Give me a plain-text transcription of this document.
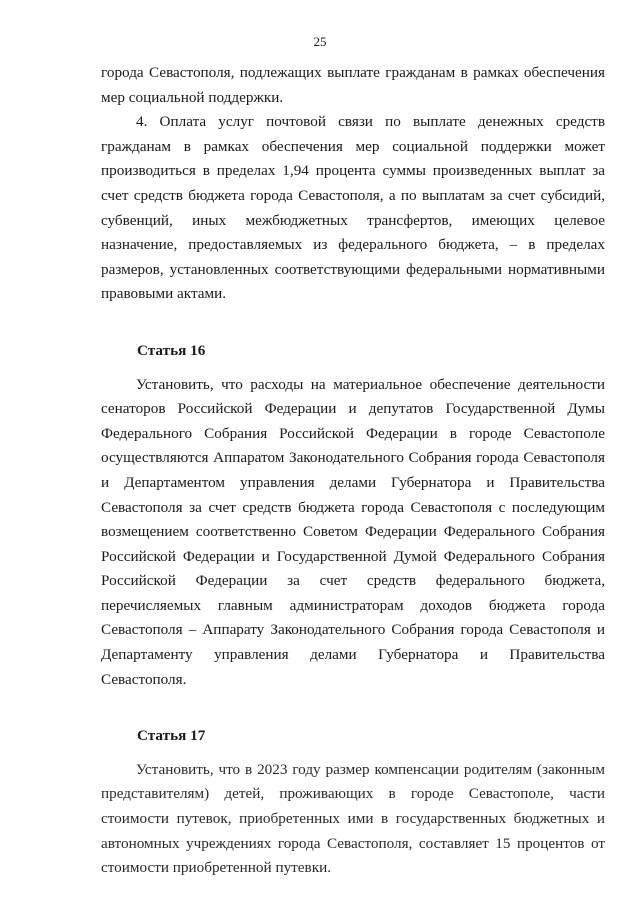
25

города Севастополя, подлежащих выплате гражданам в рамках обеспечения мер социальной поддержки.

4. Оплата услуг почтовой связи по выплате денежных средств гражданам в рамках обеспечения мер социальной поддержки может производиться в пределах 1,94 процента суммы произведенных выплат за счет средств бюджета города Севастополя, а по выплатам за счет субсидий, субвенций, иных межбюджетных трансфертов, имеющих целевое назначение, предоставляемых из федерального бюджета, – в пределах размеров, установленных соответствующими федеральными нормативными правовыми актами.

Статья 16

Установить, что расходы на материальное обеспечение деятельности сенаторов Российской Федерации и депутатов Государственной Думы Федерального Собрания Российской Федерации в городе Севастополе осуществляются Аппаратом Законодательного Собрания города Севастополя и Департаментом управления делами Губернатора и Правительства Севастополя за счет средств бюджета города Севастополя с последующим возмещением соответственно Советом Федерации Федерального Собрания Российской Федерации и Государственной Думой Федерального Собрания Российской Федерации за счет средств федерального бюджета, перечисляемых главным администраторам доходов бюджета города Севастополя – Аппарату Законодательного Собрания города Севастополя и Департаменту управления делами Губернатора и Правительства Севастополя.

Статья 17

Установить, что в 2023 году размер компенсации родителям (законным представителям) детей, проживающих в городе Севастополе, части стоимости путевок, приобретенных ими в государственных бюджетных и автономных учреждениях города Севастополя, составляет 15 процентов от стоимости приобретенной путевки.
